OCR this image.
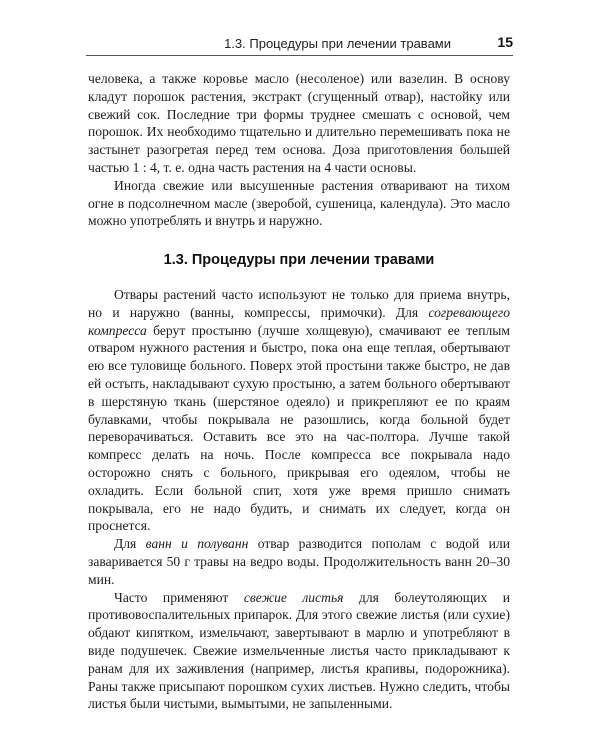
1.3. Процедуры при лечении травами	15

человека, а также коровье масло (несоленое) или вазелин. В основу кладут порошок растения, экстракт (сгущенный отвар), настойку или свежий сок. Последние три формы труднее смешать с основой, чем порошок. Их необходимо тщательно и длительно перемешивать пока не застынет разогретая перед тем основа. Доза приготовления большей частью 1 : 4, т. е. одна часть растения на 4 части основы.

Иногда свежие или высушенные растения отваривают на тихом огне в подсолнечном масле (зверобой, сушеница, календула). Это масло можно употреблять и внутрь и наружно.

1.3. Процедуры при лечении травами

Отвары растений часто используют не только для приема внутрь, но и наружно (ванны, компрессы, примочки). Для согревающего компресса берут простыню (лучше холщевую), смачивают ее теплым отваром нужного растения и быстро, пока она еще теплая, обертывают ею все туловище больного. Поверх этой простыни также быстро, не дав ей остыть, накладывают сухую простыню, а затем больного обертывают в шерстяную ткань (шерстяное одеяло) и прикрепляют ее по краям булавками, чтобы покрывала не разошлись, когда больной будет переворачиваться. Оставить все это на час-полтора. Лучше такой компресс делать на ночь. После компресса все покрывала надо осторожно снять с больного, прикрывая его одеялом, чтобы не охладить. Если больной спит, хотя уже время пришло снимать покрывала, его не надо будить, и снимать их следует, когда он проснется.

Для ванн и полуванн отвар разводится пополам с водой или заваривается 50 г травы на ведро воды. Продолжительность ванн 20–30 мин.

Часто применяют свежие листья для болеутоляющих и противовоспалительных припарок. Для этого свежие листья (или сухие) обдают кипятком, измельчают, завертывают в марлю и употребляют в виде подушечек. Свежие измельченные листья часто прикладывают к ранам для их заживления (например, листья крапивы, подорожника). Раны также присыпают порошком сухих листьев. Нужно следить, чтобы листья были чистыми, вымытыми, не запыленными.
